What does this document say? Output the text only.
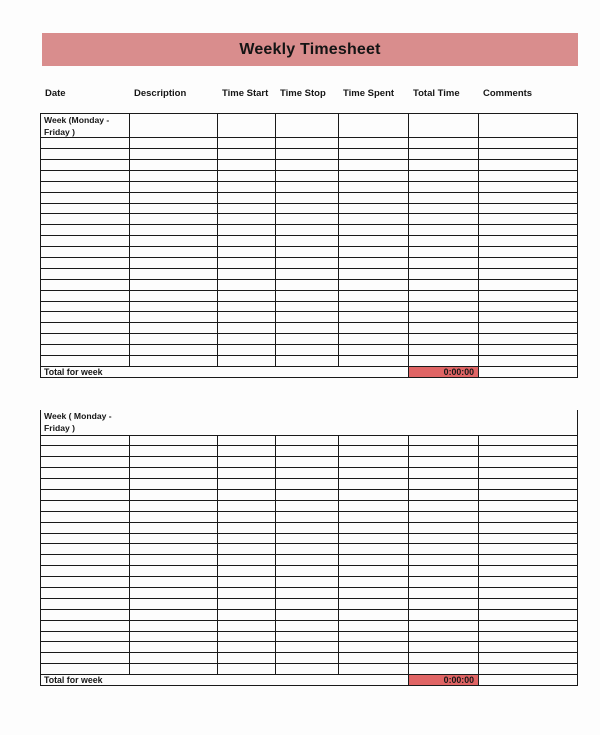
Weekly Timesheet
Date	Description	Time Start	Time Stop	Time Spent	Total Time	Comments
Week (Monday -
Friday )						

Total for week					0:00:00	
Week ( Monday -
Friday )						

Total for week					0:00:00	
